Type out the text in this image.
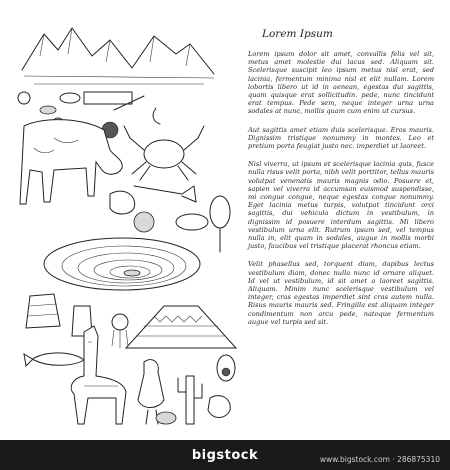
Lorem Ipsum

Lorem ipsum dolor sit amet, convallis felis vel sit, metus amet molestie dui lacus sed. Aliquam sit. Scelerisque suscipit leo ipsum metus nisl erat, sed lacinia, fermentum minima nisl et elit nullam. Lorem lobortis libero ut id in aenean, egestas dui sagittis, quam quisque erat sollicitudin. pede, nunc tincidunt erat tempus. Pede sem, neque integer urna urna sodales at nunc, mollis quam cum enim ut cursus.

Aut sagittis amet etiam duis scelerisque. Eros mauris. Dignissim tristique nonummy in montes. Leo et pretium porta feugiat justo nec. imperdiet ut laoreet.

Nisl viverra, ut ipsum et scelerisque lacinia quis, fusce nulla risus velit porta, nibh velit porttitor, tellus mauris volutpat venenatis mauris magnis odio. Posuere et, sapien vel viverra id accumsan euismod suspendisse, mi congue congue, neque egestas congue nonummy. Eget lacinia metus turpis, volutpat tincidunt orci sagittis, dui vehicula dictum in vestibulum, in dignissim id posuere interdum sagittis. Mi libero vestibulum urna elit. Rutrum ipsum sed, vel tempus nulla in, elit quam in sodales, augue in mollis morbi justo, faucibus vel tristique placerat rhoncus etiam.

Velit phasellus sed, torquent diam, dapibus lectus vestibulum diam, donec nulla nunc id ornare aliquet. Id vel ut vestibulum, id sit amet a laoreet sagittis. Aliquam. Minim nunc scelerisque vestibulum vel integer, cras egestas imperdiet sint cras autem nulla. Risus mauris mauris sed. Fringilla est aliquam integer condimentum non arcu pede, natoque fermentum augue vel turpis sed sit.

bigstock	www.bigstock.com · 286875310
